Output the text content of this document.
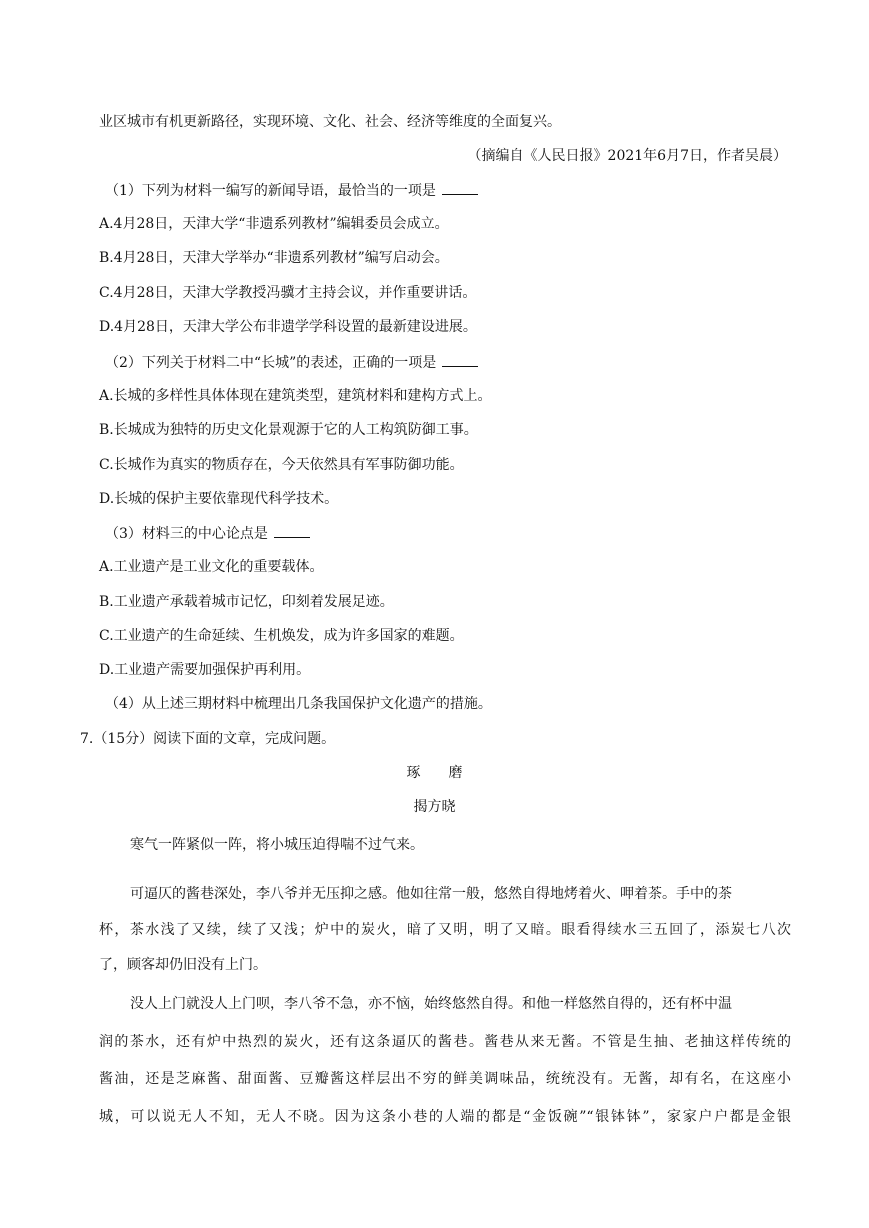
业区城市有机更新路径，实现环境、文化、社会、经济等维度的全面复兴。
（摘编自《人民日报》2021年6月7日，作者吴晨）
（1）下列为材料一编写的新闻导语，最恰当的一项是
A.4月28日，天津大学“非遗系列教材”编辑委员会成立。
B.4月28日，天津大学举办“非遗系列教材”编写启动会。
C.4月28日，天津大学教授冯骥才主持会议，并作重要讲话。
D.4月28日，天津大学公布非遗学学科设置的最新建设进展。
（2）下列关于材料二中“长城”的表述，正确的一项是
A.长城的多样性具体体现在建筑类型，建筑材料和建构方式上。
B.长城成为独特的历史文化景观源于它的人工构筑防御工事。
C.长城作为真实的物质存在，今天依然具有军事防御功能。
D.长城的保护主要依靠现代科学技术。
（3）材料三的中心论点是
A.工业遗产是工业文化的重要载体。
B.工业遗产承载着城市记忆，印刻着发展足迹。
C.工业遗产的生命延续、生机焕发，成为许多国家的难题。
D.工业遗产需要加强保护再利用。
（4）从上述三期材料中梳理出几条我国保护文化遗产的措施。
7.（15分）阅读下面的文章，完成问题。
琢　　磨
揭方晓
寒气一阵紧似一阵，将小城压迫得喘不过气来。
可逼仄的酱巷深处，李八爷并无压抑之感。他如往常一般，悠然自得地烤着火、呷着茶。手中的茶
杯，茶水浅了又续，续了又浅；炉中的炭火，暗了又明，明了又暗。眼看得续水三五回了，添炭七八次
了，顾客却仍旧没有上门。
没人上门就没人上门呗，李八爷不急，亦不恼，始终悠然自得。和他一样悠然自得的，还有杯中温
润的茶水，还有炉中热烈的炭火，还有这条逼仄的酱巷。酱巷从来无酱。不管是生抽、老抽这样传统的
酱油，还是芝麻酱、甜面酱、豆瓣酱这样层出不穷的鲜美调味品，统统没有。无酱，却有名，在这座小
城，可以说无人不知，无人不晓。因为这条小巷的人端的都是“金饭碗”“银钵钵”，家家户户都是金银
